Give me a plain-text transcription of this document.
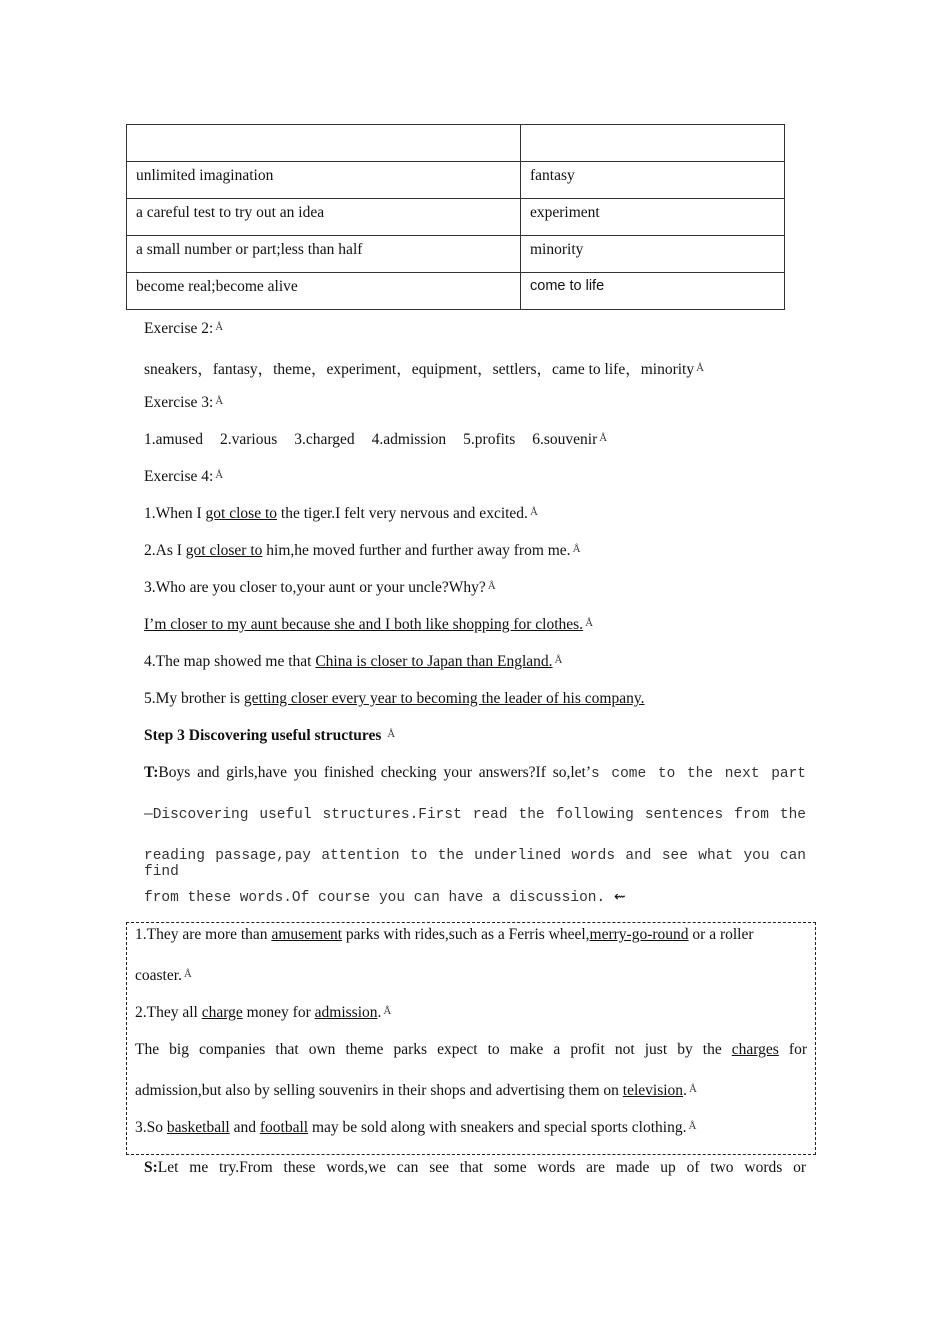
unlimited imagination	fantasy
a careful test to try out an idea	experiment
a small number or part;less than half	minority
become real;become alive	come to life
Exercise 2: Å
sneakers，fantasy，theme，experiment，equipment，settlers，came to life，minority Å
Exercise 3: Å
1.amused 2.various 3.charged 4.admission 5.profits 6.souvenir Å
Exercise 4: Å
1.When I got close to the tiger.I felt very nervous and excited. Å
2.As I got closer to him,he moved further and further away from me. Å
3.Who are you closer to,your aunt or your uncle?Why? Å
I’m closer to my aunt because she and I both like shopping for clothes. Å
4.The map showed me that China is closer to Japan than England. Å
5.My brother is getting closer every year to becoming the leader of his company.
Step 3 Discovering useful structures Å
T:Boys and girls,have you finished checking your answers?If so,let’s come to the next part
—Discovering useful structures.First read the following sentences from the
reading passage,pay attention to the underlined words and see what you can find
from these words.Of course you can have a discussion. ⇜
1.They are more than amusement parks with rides,such as a Ferris wheel,merry-go-round or a roller
coaster. Å
2.They all charge money for admission. Å
The big companies that own theme parks expect to make a profit not just by the charges for
admission,but also by selling souvenirs in their shops and advertising them on television. Å
3.So basketball and football may be sold along with sneakers and special sports clothing. Å
S:Let me try.From these words,we can see that some words are made up of two words or
